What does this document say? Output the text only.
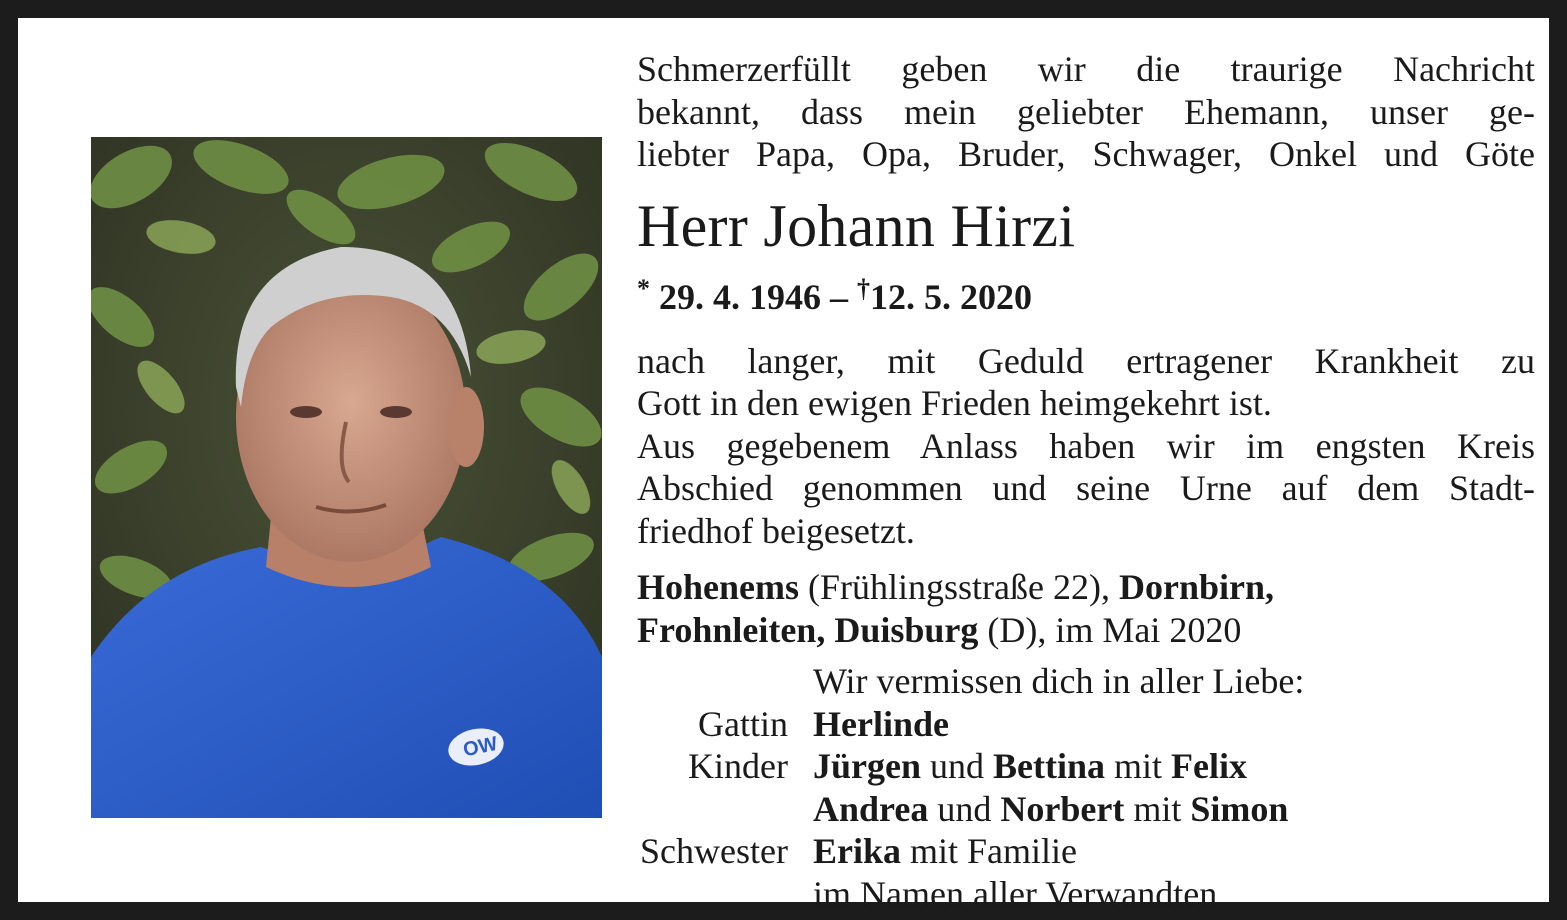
OW
Schmerzerfüllt geben wir die traurige Nachricht
bekannt, dass mein geliebter Ehemann, unser ge-
liebter Papa, Opa, Bruder, Schwager, Onkel und Göte
Herr Johann Hirzi
* 29. 4. 1946 – †12. 5. 2020
nach langer, mit Geduld ertragener Krankheit zu
Gott in den ewigen Frieden heimgekehrt ist.
Aus gegebenem Anlass haben wir im engsten Kreis
Abschied genommen und seine Urne auf dem Stadt-
friedhof beigesetzt.
Hohenems (Frühlingsstraße 22), Dornbirn,
Frohnleiten, Duisburg (D), im Mai 2020
Wir vermissen dich in aller Liebe:
Gattin Herlinde
Kinder Jürgen und Bettina mit Felix
Andrea und Norbert mit Simon
Schwester Erika mit Familie
im Namen aller Verwandten
